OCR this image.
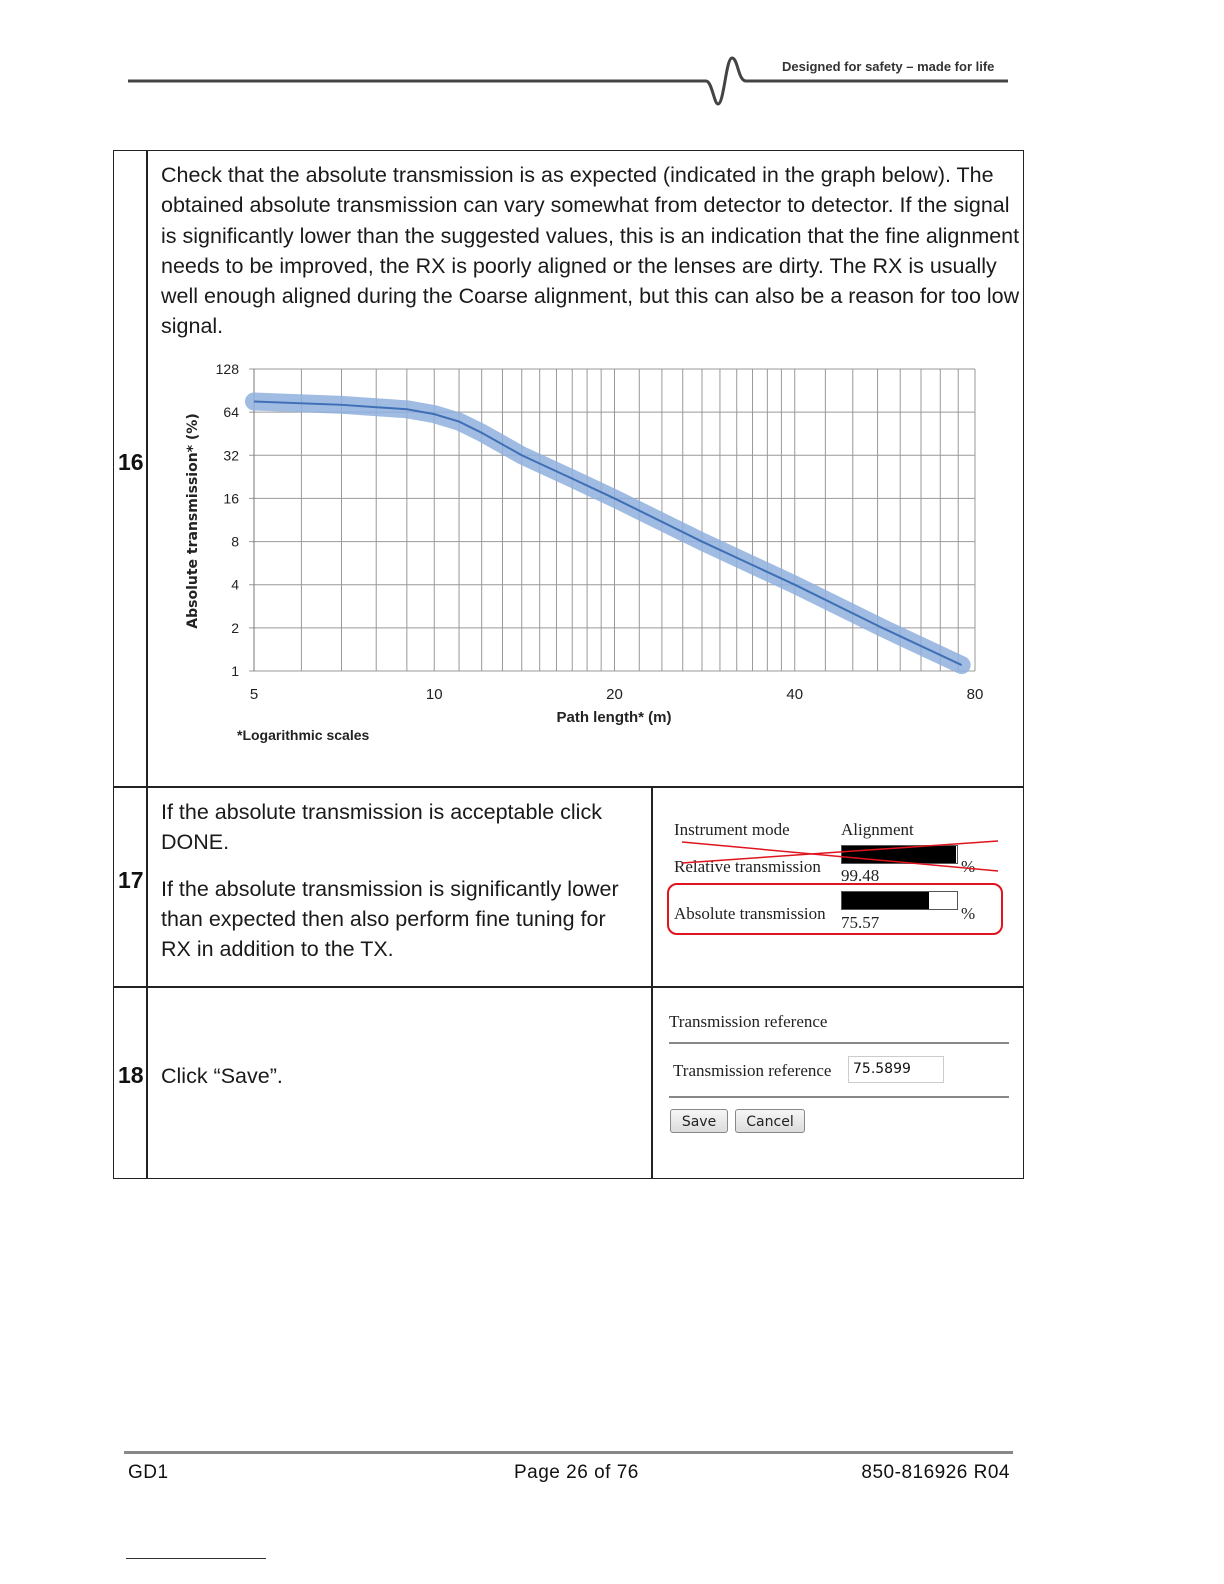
Designed for safety – made for life
16
Check that the absolute transmission is as expected (indicated in the graph below). The obtained absolute transmission can vary somewhat from detector to detector. If the signal is significantly lower than the suggested values, this is an indication that the fine alignment needs to be improved, the RX is poorly aligned or the lenses are dirty. The RX is usually well enough aligned during the Coarse alignment, but this can also be a reason for too low signal.
1
2
4
8
16
32
64
128
5	10	20	40	80
Path length* (m)
Absolute transmission* (%)
*Logarithmic scales
17
If the absolute transmission is acceptable click DONE.
If the absolute transmission is significantly lower than expected then also perform fine tuning for RX in addition to the TX.
Instrument mode	Alignment
Relative transmission 99.48	%
Absolute transmission 75.57	%
18 Click “Save”.
Transmission reference
Transmission reference	75.5899
Save	Cancel
GD1	Page 26 of 76	850-816926 R04
